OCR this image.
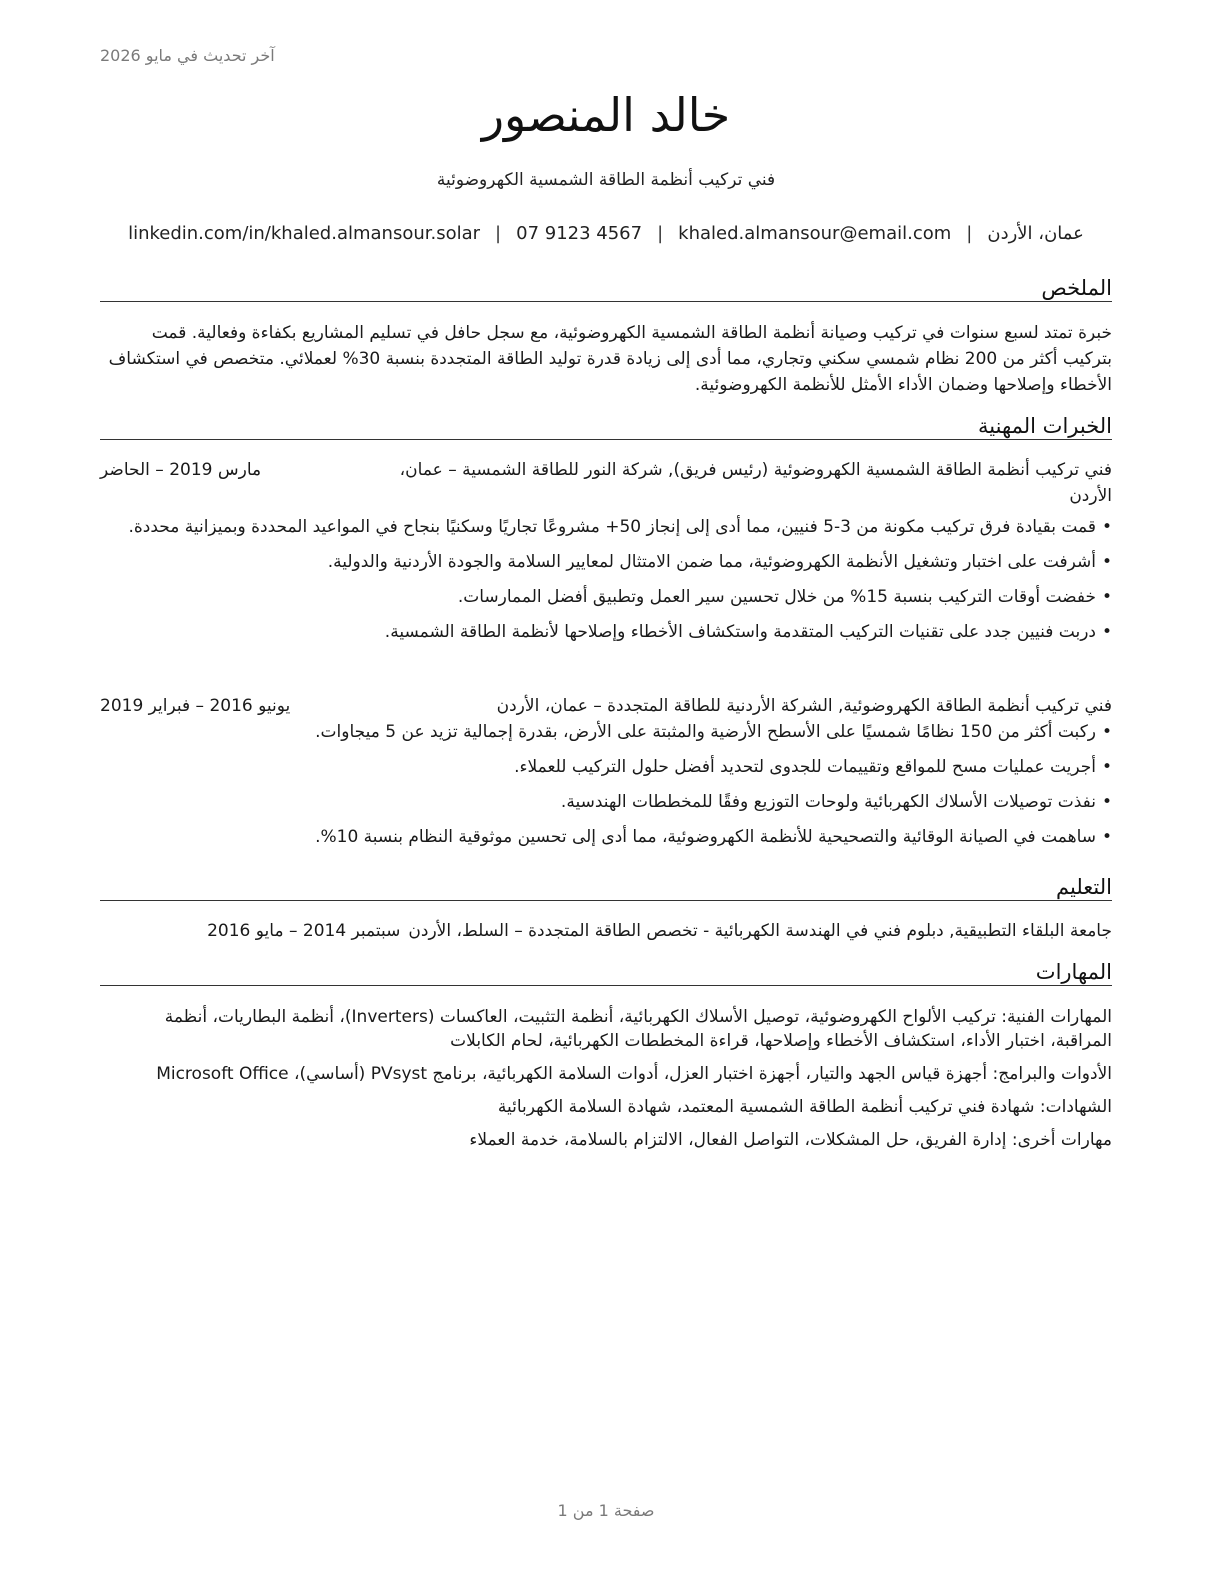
آخر تحديث في مايو 2026
خالد المنصور
فني تركيب أنظمة الطاقة الشمسية الكهروضوئية
عمان، الأردن|khaled.almansour@email.com|07 9123 4567|linkedin.com/in/khaled.almansour.solar
الملخص
خبرة تمتد لسبع سنوات في تركيب وصيانة أنظمة الطاقة الشمسية الكهروضوئية، مع سجل حافل في تسليم المشاريع بكفاءة وفعالية. قمت بتركيب أكثر من 200 نظام شمسي سكني وتجاري، مما أدى إلى زيادة قدرة توليد الطاقة المتجددة بنسبة 30% لعملائي. متخصص في استكشاف الأخطاء وإصلاحها وضمان الأداء الأمثل للأنظمة الكهروضوئية.
الخبرات المهنية
فني تركيب أنظمة الطاقة الشمسية الكهروضوئية (رئيس فريق), شركة النور للطاقة الشمسية – عمان،
مارس 2019 – الحاضر
الأردن
• قمت بقيادة فرق تركيب مكونة من 3-5 فنيين، مما أدى إلى إنجاز 50+ مشروعًا تجاريًا وسكنيًا بنجاح في المواعيد المحددة وبميزانية محددة.
• أشرفت على اختبار وتشغيل الأنظمة الكهروضوئية، مما ضمن الامتثال لمعايير السلامة والجودة الأردنية والدولية.
• خفضت أوقات التركيب بنسبة 15% من خلال تحسين سير العمل وتطبيق أفضل الممارسات.
• دربت فنيين جدد على تقنيات التركيب المتقدمة واستكشاف الأخطاء وإصلاحها لأنظمة الطاقة الشمسية.
فني تركيب أنظمة الطاقة الكهروضوئية, الشركة الأردنية للطاقة المتجددة – عمان، الأردن
يونيو 2016 – فبراير 2019
• ركبت أكثر من 150 نظامًا شمسيًا على الأسطح الأرضية والمثبتة على الأرض، بقدرة إجمالية تزيد عن 5 ميجاوات.
• أجريت عمليات مسح للمواقع وتقييمات للجدوى لتحديد أفضل حلول التركيب للعملاء.
• نفذت توصيلات الأسلاك الكهربائية ولوحات التوزيع وفقًا للمخططات الهندسية.
• ساهمت في الصيانة الوقائية والتصحيحية للأنظمة الكهروضوئية، مما أدى إلى تحسين موثوقية النظام بنسبة 10%.
التعليم
جامعة البلقاء التطبيقية, دبلوم فني في الهندسة الكهربائية - تخصص الطاقة المتجددة – السلط، الأردن
سبتمبر 2014 – مايو 2016
المهارات
المهارات الفنية: تركيب الألواح الكهروضوئية، توصيل الأسلاك الكهربائية، أنظمة التثبيت، العاكسات (Inverters)، أنظمة البطاريات، أنظمة المراقبة، اختبار الأداء، استكشاف الأخطاء وإصلاحها، قراءة المخططات الكهربائية، لحام الكابلات
الأدوات والبرامج: أجهزة قياس الجهد والتيار، أجهزة اختبار العزل، أدوات السلامة الكهربائية، برنامج PVsyst (أساسي)، Microsoft Office
الشهادات: شهادة فني تركيب أنظمة الطاقة الشمسية المعتمد، شهادة السلامة الكهربائية
مهارات أخرى: إدارة الفريق، حل المشكلات، التواصل الفعال، الالتزام بالسلامة، خدمة العملاء
صفحة 1 من 1
